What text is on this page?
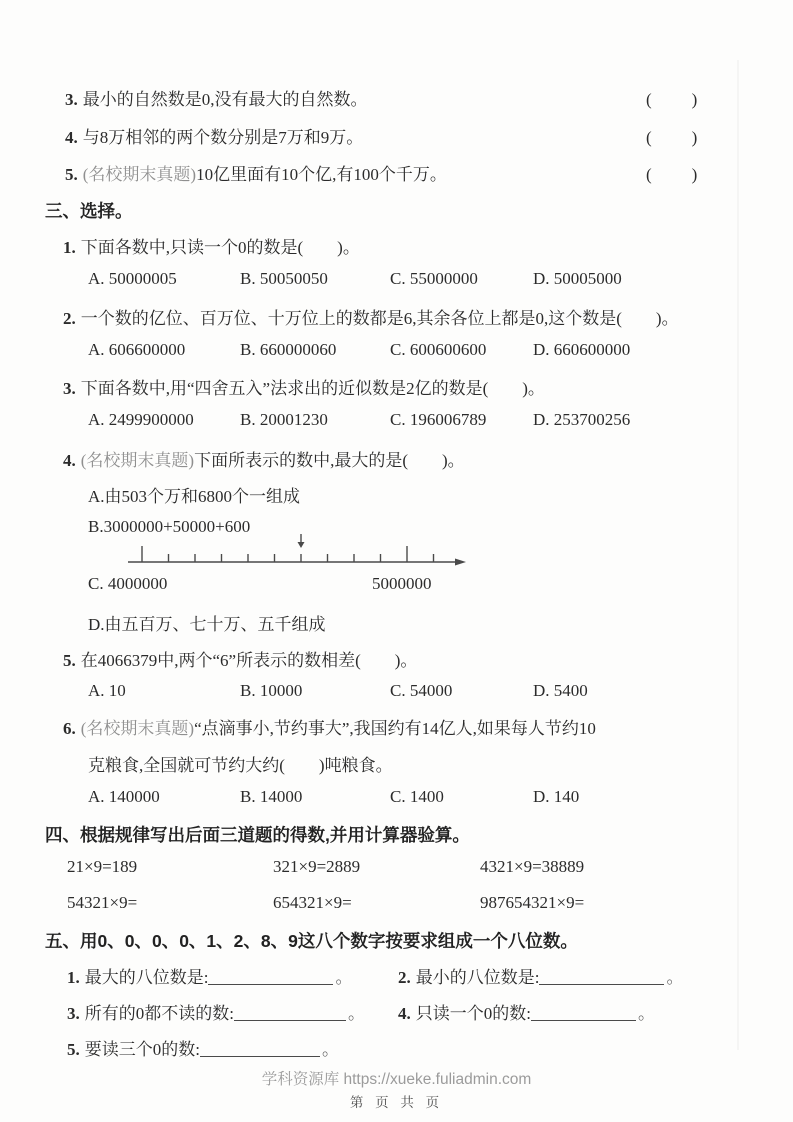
3. 最小的自然数是0,没有最大的自然数。	(　　)
4. 与8万相邻的两个数分别是7万和9万。	(　　)
5. (名校期末真题)10亿里面有10个亿,有100个千万。	(　　)
三、选择。
1. 下面各数中,只读一个0的数是(　　)。
A. 50000005	B. 50050050	C. 55000000	D. 50005000
2. 一个数的亿位、百万位、十万位上的数都是6,其余各位上都是0,这个数是(　　)。
A. 606600000	B. 660000060	C. 600600600	D. 660600000
3. 下面各数中,用“四舍五入”法求出的近似数是2亿的数是(　　)。
A. 2499900000	B. 20001230	C. 196006789	D. 253700256
4. (名校期末真题)下面所表示的数中,最大的是(　　)。
A.由503个万和6800个一组成
B.3000000+50000+600
C. 4000000	5000000
D.由五百万、七十万、五千组成
5. 在4066379中,两个“6”所表示的数相差(　　)。
A. 10	B. 10000	C. 54000	D. 5400
6. (名校期末真题)“点滴事小,节约事大”,我国约有14亿人,如果每人节约10
克粮食,全国就可节约大约(　　)吨粮食。
A. 140000	B. 14000	C. 1400	D. 140
四、根据规律写出后面三道题的得数,并用计算器验算。
21×9=189	321×9=2889	4321×9=38889
54321×9=	654321×9=	987654321×9=
五、用0、0、0、0、1、2、8、9这八个数字按要求组成一个八位数。
1. 最大的八位数是:	。	2. 最小的八位数是:	。
3. 所有的0都不读的数:	。 4. 只读一个0的数:	。
5. 要读三个0的数:	。
学科资源库 https://xueke.fuliadmin.com
第 页 共 页
